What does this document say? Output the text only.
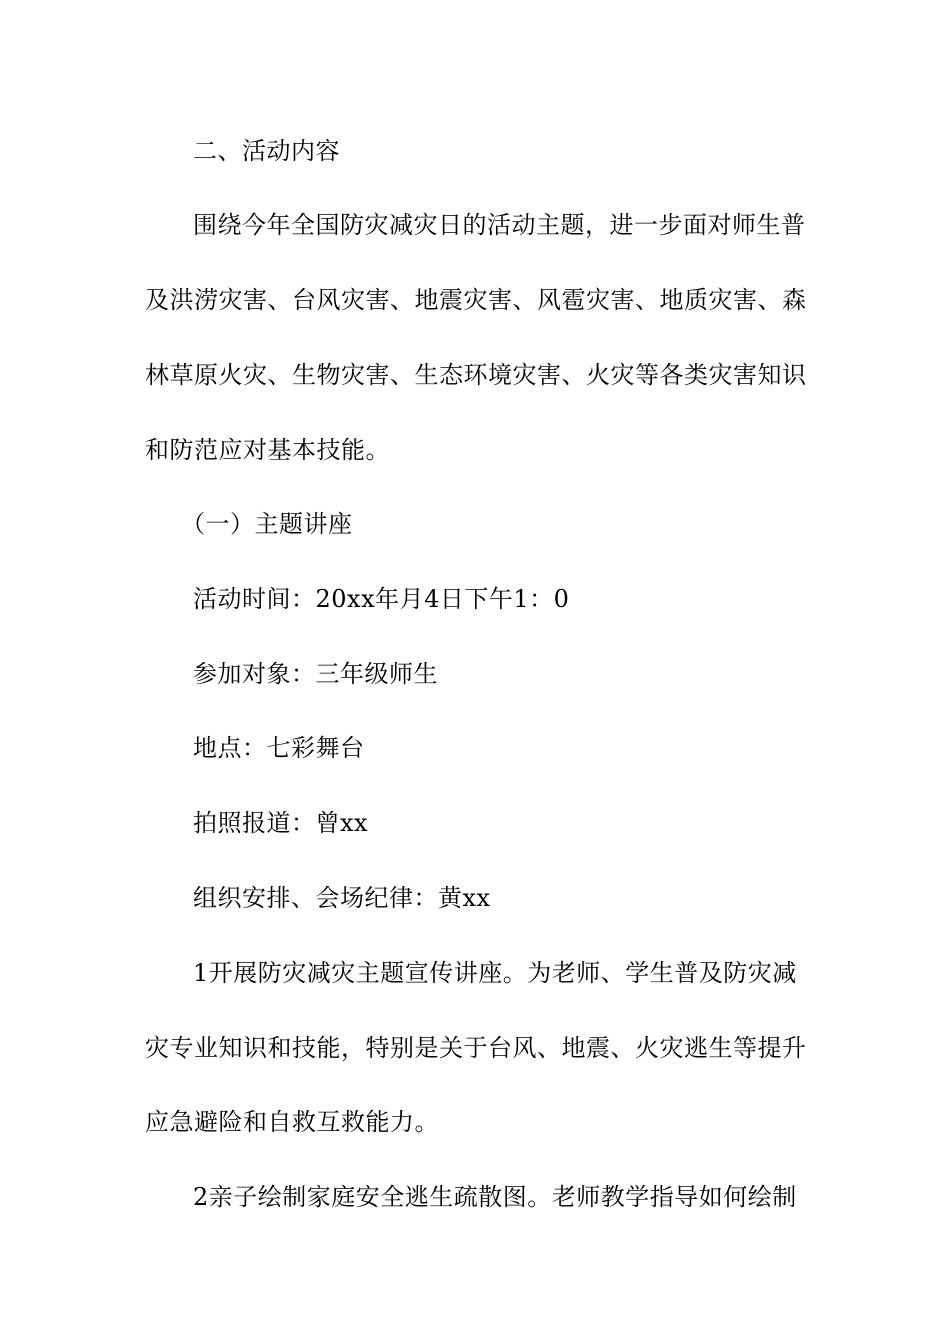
二、活动内容
围绕今年全国防灾减灾日的活动主题，进一步面对师生普
及洪涝灾害、台风灾害、地震灾害、风雹灾害、地质灾害、森
林草原火灾、生物灾害、生态环境灾害、火灾等各类灾害知识
和防范应对基本技能。
（一）主题讲座
活动时间：20xx年月4日下午1：0
参加对象：三年级师生
地点：七彩舞台
拍照报道：曾xx
组织安排、会场纪律：黄xx
1开展防灾减灾主题宣传讲座。为老师、学生普及防灾减
灾专业知识和技能，特别是关于台风、地震、火灾逃生等提升
应急避险和自救互救能力。
2亲子绘制家庭安全逃生疏散图。老师教学指导如何绘制
